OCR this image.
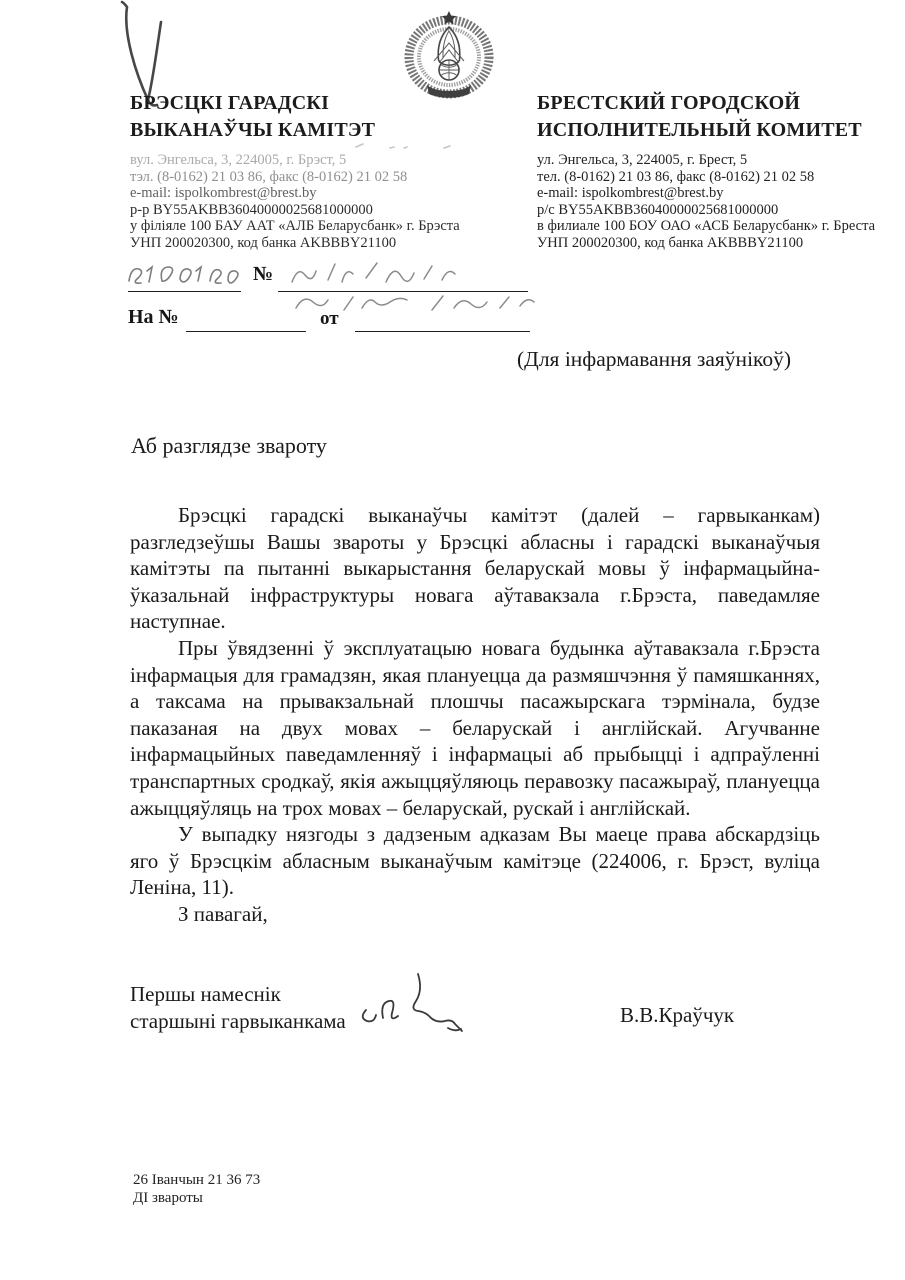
БРЭСЦКІ ГАРАДСКІ
ВЫКАНАЎЧЫ КАМІТЭТ
вул. Энгельса, 3, 224005, г. Брэст, 5
тэл. (8-0162) 21 03 86, факс (8-0162) 21 02 58
e-mail: ispolkombrest@brest.by
р-р BY55AKBB36040000025681000000
у філіяле 100 БАУ ААТ «АЛБ Беларусбанк» г. Брэста
УНП 200020300, код банка AKBBBY21100
БРЕСТСКИЙ ГОРОДСКОЙ
ИСПОЛНИТЕЛЬНЫЙ КОМИТЕТ
ул. Энгельса, 3, 224005, г. Брест, 5
тел. (8-0162) 21 03 86, факс (8-0162) 21 02 58
e-mail: ispolkombrest@brest.by
р/с BY55AKBB36040000025681000000
в филиале 100 БОУ ОАО «АСБ Беларусбанк» г. Бреста
УНП 200020300, код банка AKBBBY21100
№
На №	от
(Для інфармавання заяўнікоў)
Аб разглядзе звароту

Брэсцкі гарадскі выканаўчы камітэт (далей – гарвыканкам) разгледзеўшы Вашы звароты у Брэсцкі абласны і гарадскі выканаўчыя камітэты па пытанні выкарыстання беларускай мовы ў інфармацыйна-ўказальнай інфраструктуры новага аўтавакзала г.Брэста, паведамляе наступнае.

Пры ўвядзенні ў эксплуатацыю новага будынка аўтавакзала г.Брэста інфармацыя для грамадзян, якая плануецца да размяшчэння ў памяшканнях, а таксама на прывакзальнай плошчы пасажырскага тэрмінала, будзе паказаная на двух мовах – беларускай і англійскай. Агучванне інфармацыйных паведамленняў і інфармацыі аб прыбыцці і адпраўленні транспартных сродкаў, якія ажыццяўляюць перавозку пасажыраў, плануецца ажыццяўляць на трох мовах – беларускай, рускай і англійскай.

У выпадку нязгоды з дадзеным адказам Вы маеце права абскардзіць яго ў Брэсцкім абласным выканаўчым камітэце (224006, г. Брэст, вуліца Леніна, 11).

З павагай,

Першы намеснік
старшыні гарвыканкама	В.В.Краўчук
26 Іванчын 21 36 73
ДІ звароты
